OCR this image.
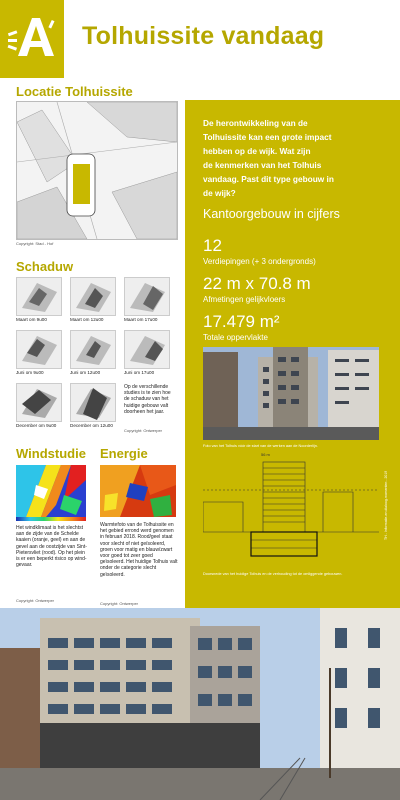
Tolhuissite vandaag
Locatie Tolhuissite
Copyright: Stad - Hof
Schaduw
Maart om 9u00	Maart om 12u00	Maart om 17u00
Juni om 9u00	Juni om 12u00	Juni om 17u00
December om 9u00	December om 12u00
Op de verschillende studies is te zien hoe de schaduw van het huidige gebouw valt doorheen het jaar.
Copyright: Ontwerper
Windstudie
Het windklimaat is het slechtst aan de zijde van de Schelde kaaien (oranje, geel) en aan de gevel aan de oostzijde van Sint-Pietersvliet (rood). Op het plein is er een beperkt risico op wind-gevaar.
Copyright: Ontwerper
Energie
Warmtefoto van de Tolhuissite en het gebied errond werd genomen in februari 2018. Rood/geel staat voor slecht of niet geïsoleerd, groen voor matig en blauw/zwart voor goed tot zeer goed geïsoleerd. Het huidige Tolhuis valt onder de categorie slecht geïsoleerd.
Copyright: Ontwerper
De herontwikkeling van de
Tolhuissite kan een grote impact
hebben op de wijk. Wat zijn
de kenmerken van het Tolhuis
vandaag. Past dit type gebouw in
de wijk?
Kantoorgebouw in cijfers
12
Verdiepingen (+ 3 ondergronds)
22 m x 70.8 m
Afmetingen gelijkvloers
17.479 m²
Totale oppervlakte
Foto van het Tolhuis vóór de start van de werken aan de Noorderlijn.
56 m
Doorsnede van het huidige Tolhuis en de verhouding tot de omliggende gebouwen.
TH - Informatie-en dialoog-momenten - 2019
